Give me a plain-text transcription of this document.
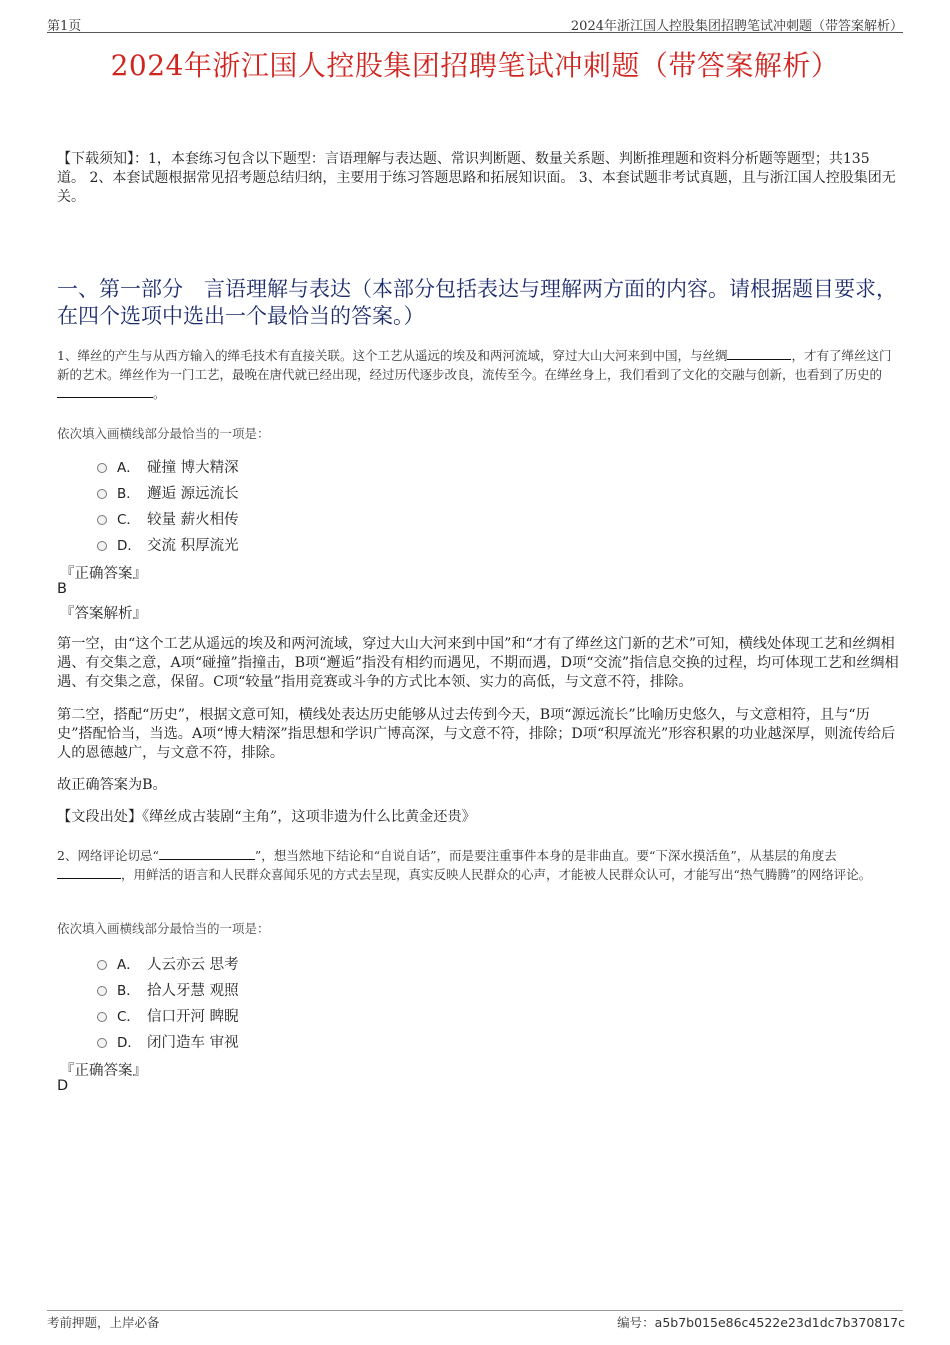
第1页	2024年浙江国人控股集团招聘笔试冲刺题（带答案解析）
2024年浙江国人控股集团招聘笔试冲刺题（带答案解析）
【下载须知】：1，本套练习包含以下题型：言语理解与表达题、常识判断题、数量关系题、判断推理题和资料分析题等题型；共135道。 2、本套试题根据常见招考题总结归纳，主要用于练习答题思路和拓展知识面。 3、本套试题非考试真题，且与浙江国人控股集团无关。
一、第一部分　言语理解与表达（本部分包括表达与理解两方面的内容。请根据题目要求，在四个选项中选出一个最恰当的答案。）
1、缂丝的产生与从西方输入的缂毛技术有直接关联。这个工艺从遥远的埃及和两河流域，穿过大山大河来到中国，与丝绸	，才有了缂丝这门新的艺术。缂丝作为一门工艺，最晚在唐代就已经出现，经过历代逐步改良，流传至今。在缂丝身上，我们看到了文化的交融与创新，也看到了历史的。
依次填入画横线部分最恰当的一项是：
A． 碰撞 博大精深
B． 邂逅 源远流长
C． 较量 薪火相传
D． 交流 积厚流光
『正确答案』
B
『答案解析』
第一空，由“这个工艺从遥远的埃及和两河流域，穿过大山大河来到中国”和“才有了缂丝这门新的艺术”可知，横线处体现工艺和丝绸相遇、有交集之意，A项“碰撞”指撞击，B项“邂逅”指没有相约而遇见，不期而遇，D项“交流”指信息交换的过程，均可体现工艺和丝绸相遇、有交集之意，保留。C项“较量”指用竞赛或斗争的方式比本领、实力的高低，与文意不符，排除。
第二空，搭配“历史”，根据文意可知，横线处表达历史能够从过去传到今天，B项“源远流长”比喻历史悠久，与文意相符，且与“历史”搭配恰当，当选。A项“博大精深”指思想和学识广博高深，与文意不符，排除；D项“积厚流光”形容积累的功业越深厚，则流传给后人的恩德越广，与文意不符，排除。
故正确答案为B。
【文段出处】《缂丝成古装剧“主角”，这项非遗为什么比黄金还贵》
2、网络评论切忌“	”，想当然地下结论和“自说自话”，而是要注重事件本身的是非曲直。要“下深水摸活鱼”，从基层的角度去，用鲜活的语言和人民群众喜闻乐见的方式去呈现，真实反映人民群众的心声，才能被人民群众认可，才能写出“热气腾腾”的网络评论。
依次填入画横线部分最恰当的一项是：
A． 人云亦云 思考
B． 拾人牙慧 观照
C． 信口开河 睥睨
D． 闭门造车 审视
『正确答案』
D
考前押题，上岸必备	编号：a5b7b015e86c4522e23d1dc7b370817c
